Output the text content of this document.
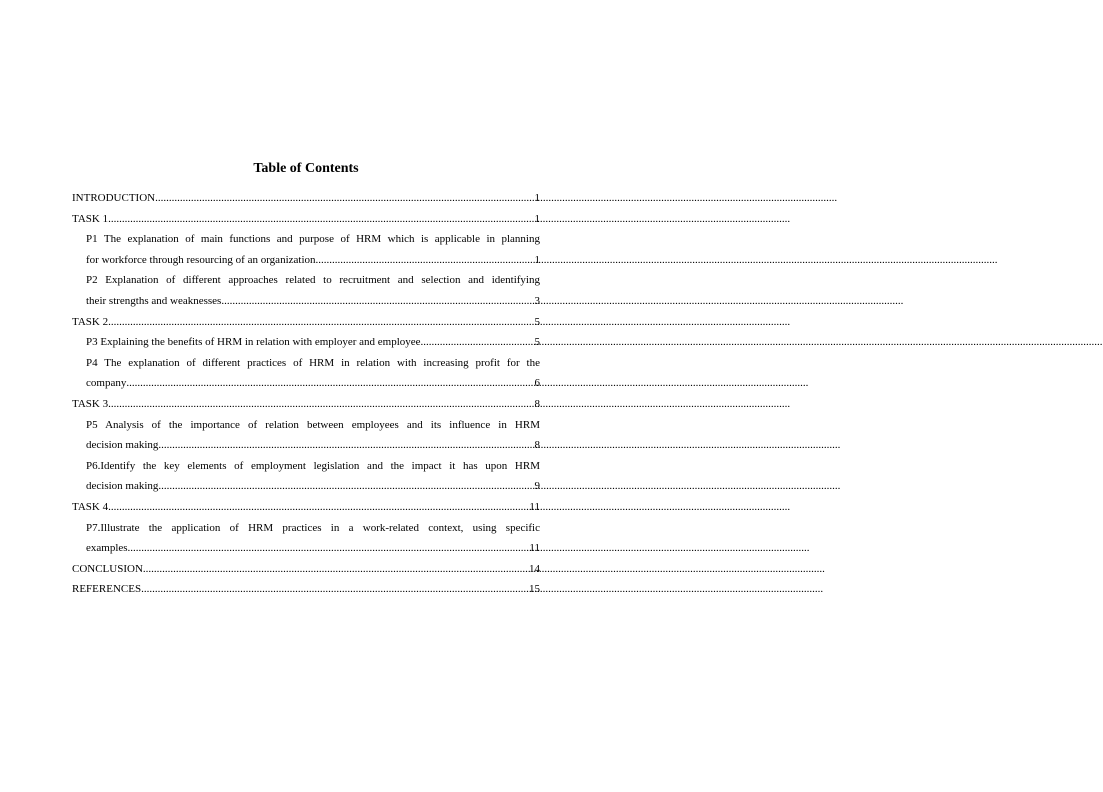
Table of Contents
INTRODUCTION .....	1
TASK 1 .....	1
P1 The explanation of main functions and purpose of HRM which is applicable in planning
for workforce through resourcing of an organization .....	1
P2 Explanation of different approaches related to recruitment and selection and identifying
their strengths and weaknesses .....	3
TASK 2 .....	5
P3 Explaining the benefits of HRM in relation with employer and employee .....	5
P4 The explanation of different practices of HRM in relation with increasing profit for the
company .....	6
TASK 3 .....	8
P5 Analysis of the importance of relation between employees and its influence in HRM
decision making .....	8
P6.Identify the key elements of employment legislation and the impact it has upon HRM
decision making .....	9
TASK 4 .....	11
P7.Illustrate the application of HRM practices in a work-related context, using specific
examples .....	11
CONCLUSION .....	14
REFERENCES .....	15
